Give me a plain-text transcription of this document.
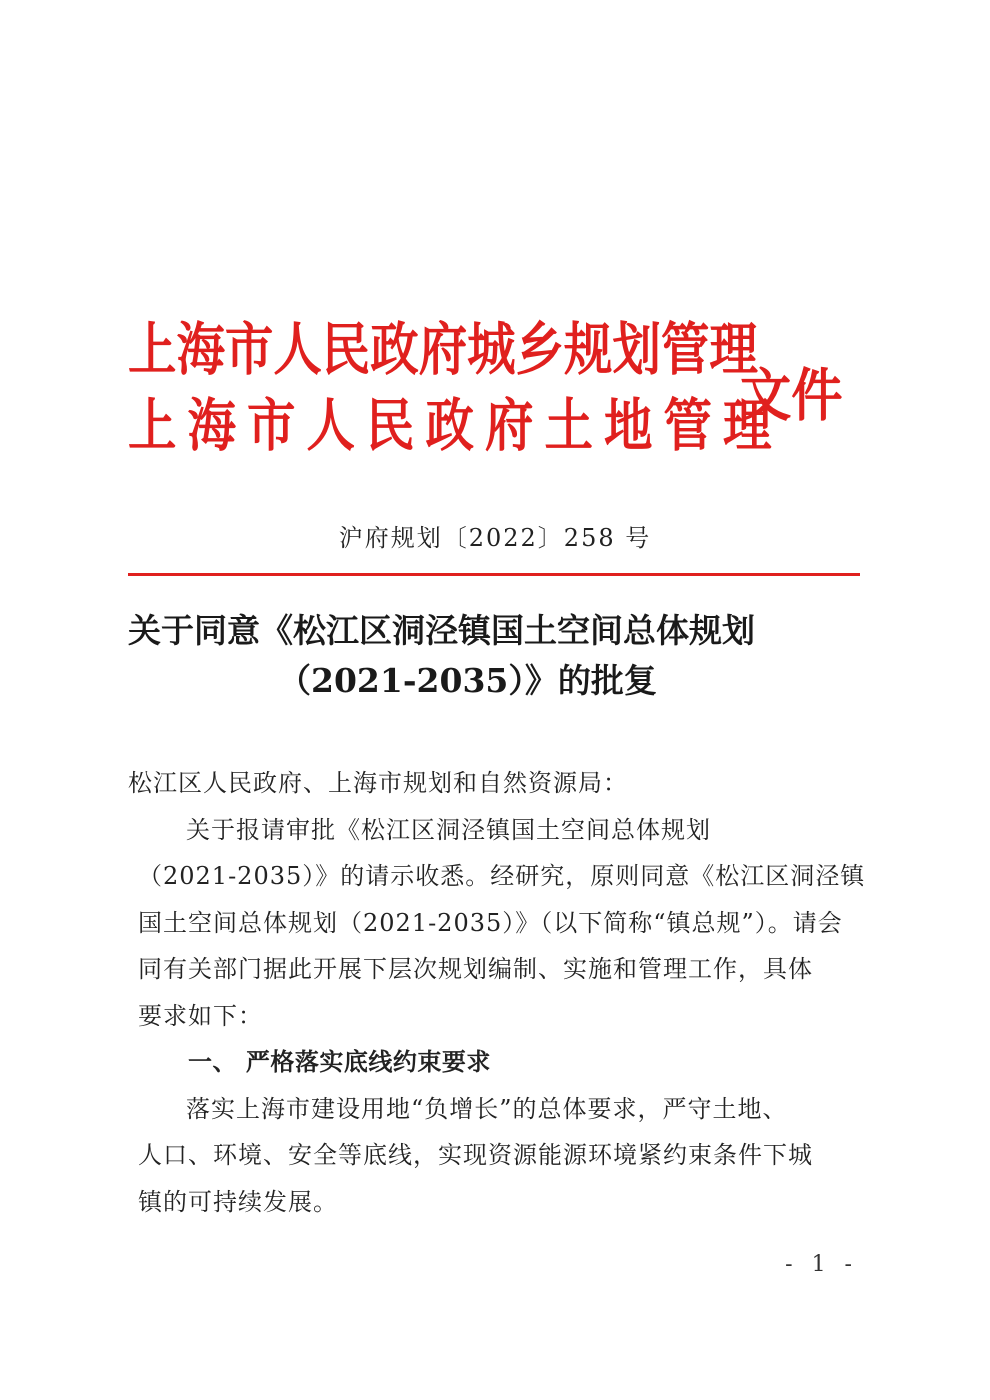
上海市人民政府城乡规划管理
上海市人民政府土地管理
文件
沪府规划〔2022〕258 号
关于同意《松江区洞泾镇国土空间总体规划
（2021-2035）》的批复

松江区人民政府、上海市规划和自然资源局：

关于报请审批《松江区洞泾镇国土空间总体规划
（2021-2035）》的请示收悉。经研究，原则同意《松江区洞泾镇
国土空间总体规划（2021-2035）》（以下简称“镇总规”）。请会
同有关部门据此开展下层次规划编制、实施和管理工作，具体
要求如下：

一、 严格落实底线约束要求

落实上海市建设用地“负增长”的总体要求，严守土地、
人口、环境、安全等底线，实现资源能源环境紧约束条件下城
镇的可持续发展。

- 1 -
